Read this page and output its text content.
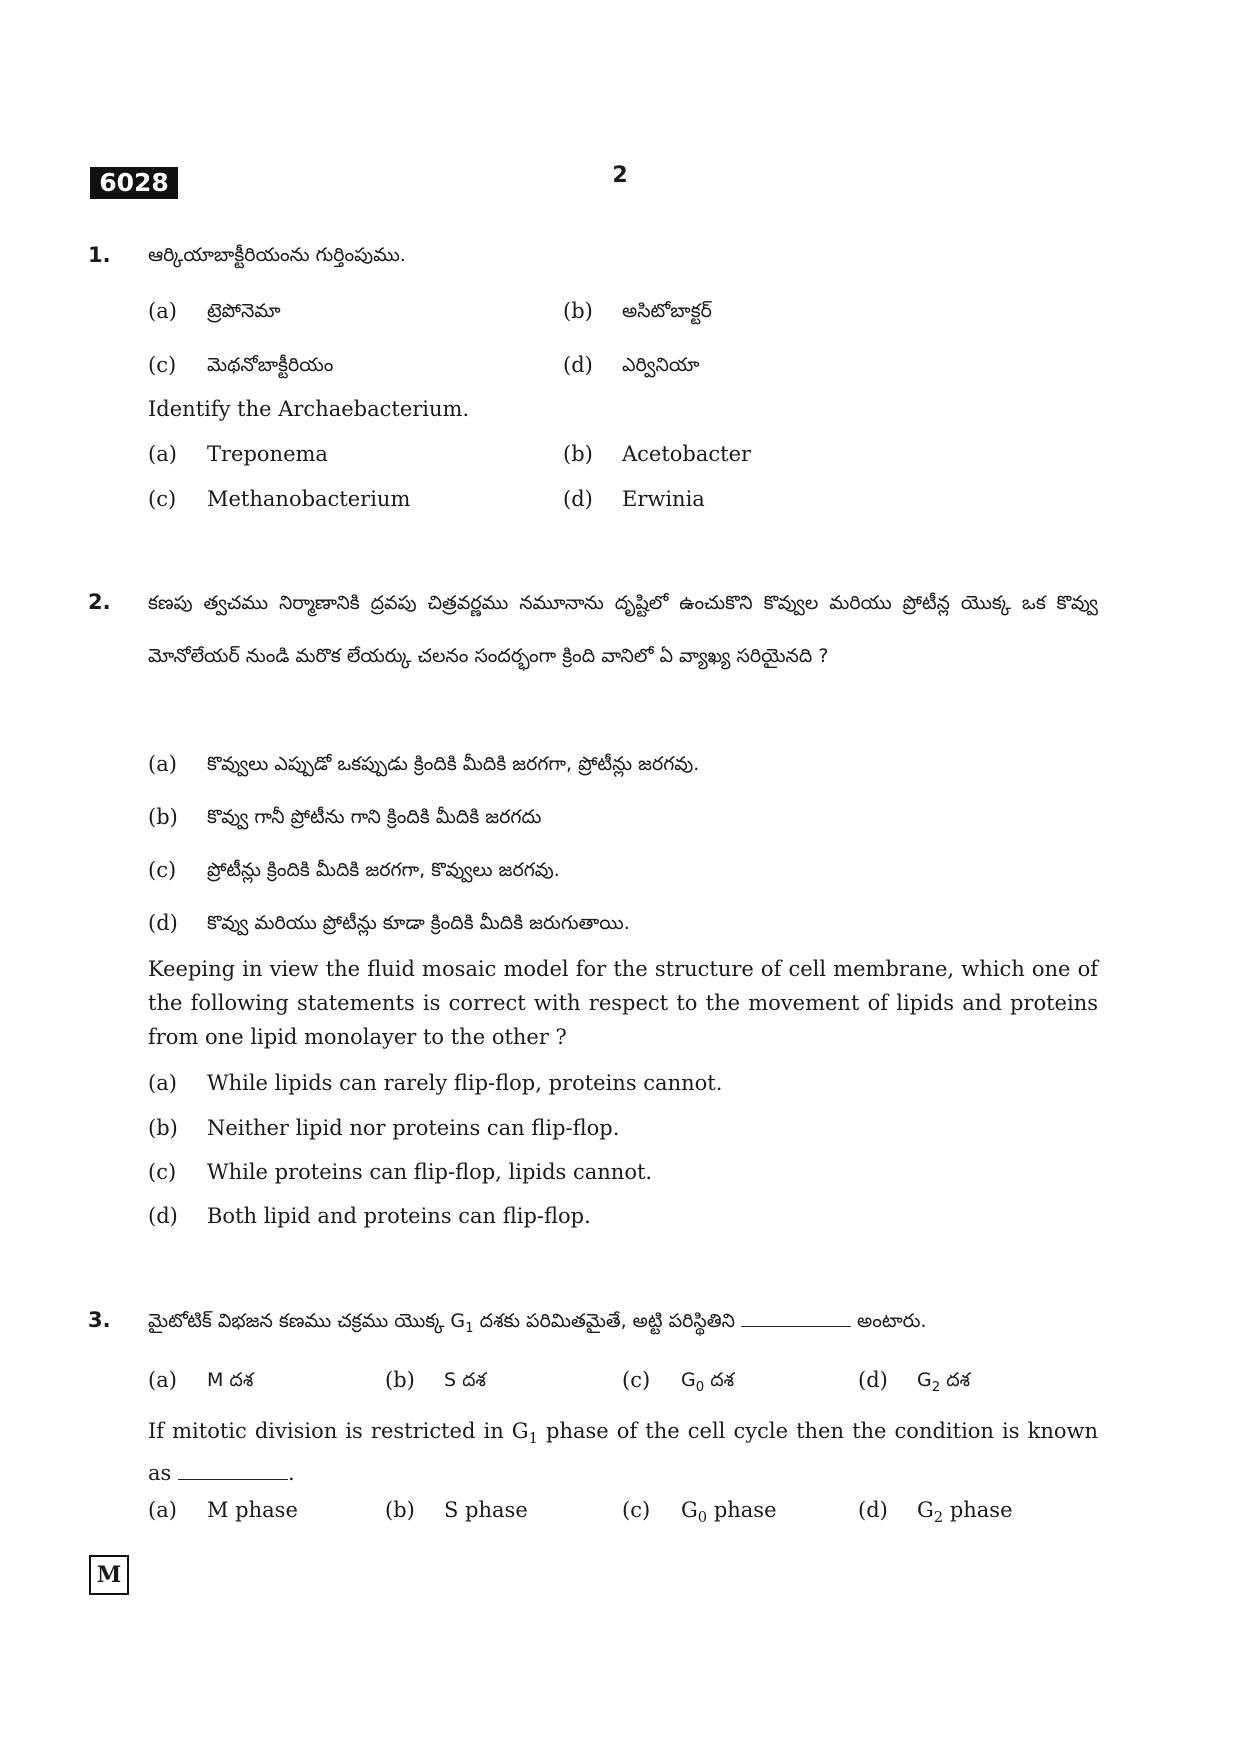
6028	2
1. ఆర్కియాబాక్టీరియంను గుర్తింపుము.
(a) ట్రెపోనెమా	(b) అసిటోబాక్టర్
(c) మెథనోబాక్టీరియం	(d) ఎర్వినియా
Identify the Archaebacterium.
(a) Treponema	(b) Acetobacter
(c) Methanobacterium	(d) Erwinia
2. కణపు త్వచము నిర్మాణానికి ద్రవపు చిత్రవర్ణము నమూనాను దృష్టిలో ఉంచుకొని కొవ్వుల మరియు ప్రోటీన్ల యొక్క ఒక కొవ్వు మోనోలేయర్ నుండి మరొక లేయర్కు చలనం సందర్భంగా క్రింది వానిలో ఏ వ్యాఖ్య సరియైనది ?
(a) కొవ్వులు ఎప్పుడో ఒకప్పుడు క్రిందికి మీదికి జరగగా, ప్రోటీన్లు జరగవు.
(b) కొవ్వు గానీ ప్రోటీను గాని క్రిందికి మీదికి జరగదు
(c) ప్రోటీన్లు క్రిందికి మీదికి జరగగా, కొవ్వులు జరగవు.
(d) కొవ్వు మరియు ప్రోటీన్లు కూడా క్రిందికి మీదికి జరుగుతాయి.
Keeping in view the fluid mosaic model for the structure of cell membrane, which one of the following statements is correct with respect to the movement of lipids and proteins from one lipid monolayer to the other ?
(a) While lipids can rarely flip-flop, proteins cannot.
(b) Neither lipid nor proteins can flip-flop.
(c) While proteins can flip-flop, lipids cannot.
(d) Both lipid and proteins can flip-flop.
3. మైటోటిక్ విభజన కణము చక్రము యొక్క $G_1$ దశకు పరిమితమైతే, అట్టి పరిస్థితిని	అంటారు.
(a) M దశ	(b) S దశ	(c) $G_0$ దశ	(d) $G_2$ దశ
If mitotic division is restricted in $G_1$ phase of the cell cycle then the condition is known as	.
(a) M phase	(b) S phase	(c) $G_0$ phase	(d) $G_2$ phase
M
